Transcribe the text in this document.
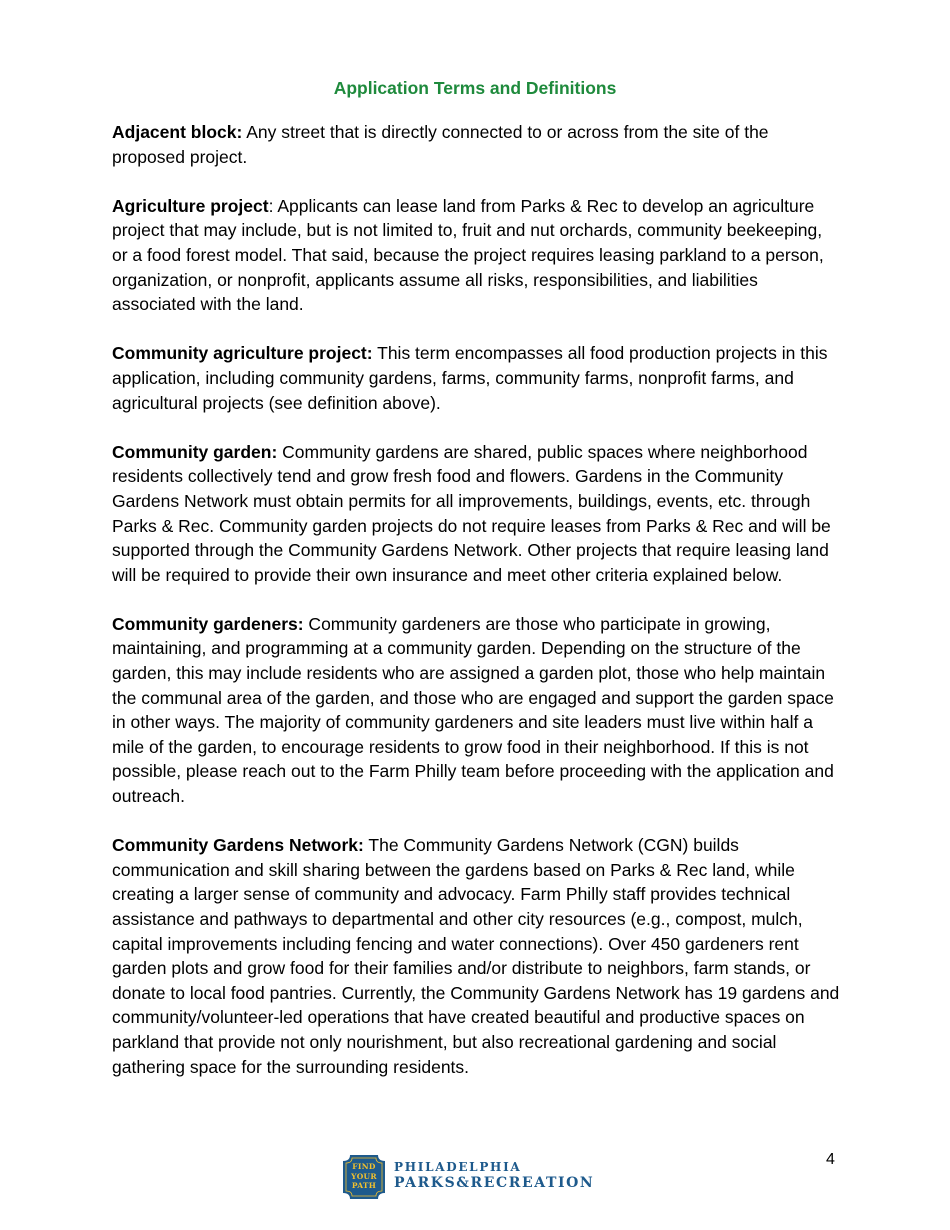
Application Terms and Definitions

Adjacent block: Any street that is directly connected to or across from the site of the proposed project.

Agriculture project: Applicants can lease land from Parks & Rec to develop an agriculture project that may include, but is not limited to, fruit and nut orchards, community beekeeping, or a food forest model. That said, because the project requires leasing parkland to a person, organization, or nonprofit, applicants assume all risks, responsibilities, and liabilities associated with the land.

Community agriculture project: This term encompasses all food production projects in this application, including community gardens, farms, community farms, nonprofit farms, and agricultural projects (see definition above).

Community garden: Community gardens are shared, public spaces where neighborhood residents collectively tend and grow fresh food and flowers. Gardens in the Community Gardens Network must obtain permits for all improvements, buildings, events, etc. through Parks & Rec. Community garden projects do not require leases from Parks & Rec and will be supported through the Community Gardens Network. Other projects that require leasing land will be required to provide their own insurance and meet other criteria explained below.

Community gardeners: Community gardeners are those who participate in growing, maintaining, and programming at a community garden. Depending on the structure of the garden, this may include residents who are assigned a garden plot, those who help maintain the communal area of the garden, and those who are engaged and support the garden space in other ways. The majority of community gardeners and site leaders must live within half a mile of the garden, to encourage residents to grow food in their neighborhood. If this is not possible, please reach out to the Farm Philly team before proceeding with the application and outreach.

Community Gardens Network: The Community Gardens Network (CGN) builds communication and skill sharing between the gardens based on Parks & Rec land, while creating a larger sense of community and advocacy. Farm Philly staff provides technical assistance and pathways to departmental and other city resources (e.g., compost, mulch, capital improvements including fencing and water connections). Over 450 gardeners rent garden plots and grow food for their families and/or distribute to neighbors, farm stands, or donate to local food pantries. Currently, the Community Gardens Network has 19 gardens and community/volunteer-led operations that have created beautiful and productive spaces on parkland that provide not only nourishment, but also recreational gardening and social gathering space for the surrounding residents.

4
FIND
YOUR
PATH
PHILADELPHIA
PARKS&RECREATION
